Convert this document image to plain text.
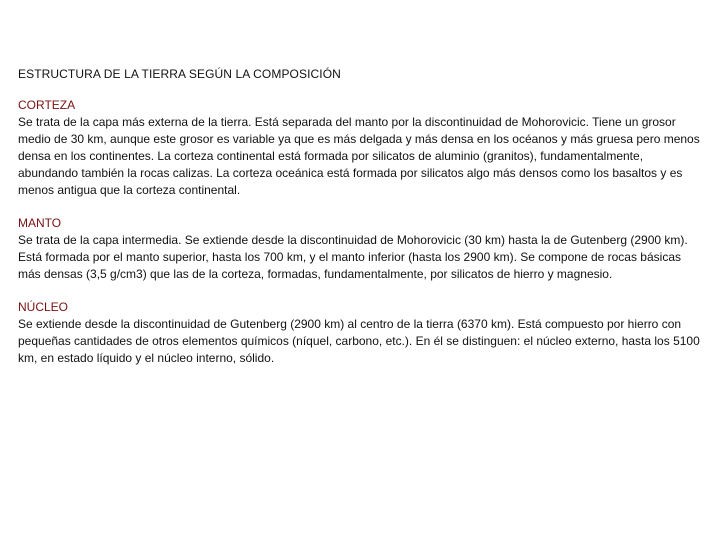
ESTRUCTURA DE LA TIERRA SEGÚN LA COMPOSICIÓN
CORTEZA
Se trata de la capa más externa de la tierra. Está separada del manto por la discontinuidad de Mohorovicic. Tiene un grosor medio de 30 km, aunque este grosor es variable ya que es más delgada y más densa en los océanos y más gruesa pero menos densa en los continentes. La corteza continental está formada por silicatos de aluminio (granitos), fundamentalmente, abundando también la rocas calizas. La corteza oceánica está formada por silicatos algo más densos como los basaltos y es menos antigua que la corteza continental.
MANTO
Se trata de la capa intermedia. Se extiende desde la discontinuidad de Mohorovicic (30 km) hasta la de Gutenberg (2900 km). Está formada por el manto superior, hasta los 700 km, y el manto inferior (hasta los 2900 km). Se compone de rocas básicas más densas (3,5 g/cm3) que las de la corteza, formadas, fundamentalmente, por silicatos de hierro y magnesio.
NÚCLEO
Se extiende desde la discontinuidad de Gutenberg (2900 km) al centro de la tierra (6370 km). Está compuesto por hierro con pequeñas cantidades de otros elementos químicos (níquel, carbono, etc.). En él se distinguen: el núcleo externo, hasta los 5100 km, en estado líquido y el núcleo interno, sólido.
